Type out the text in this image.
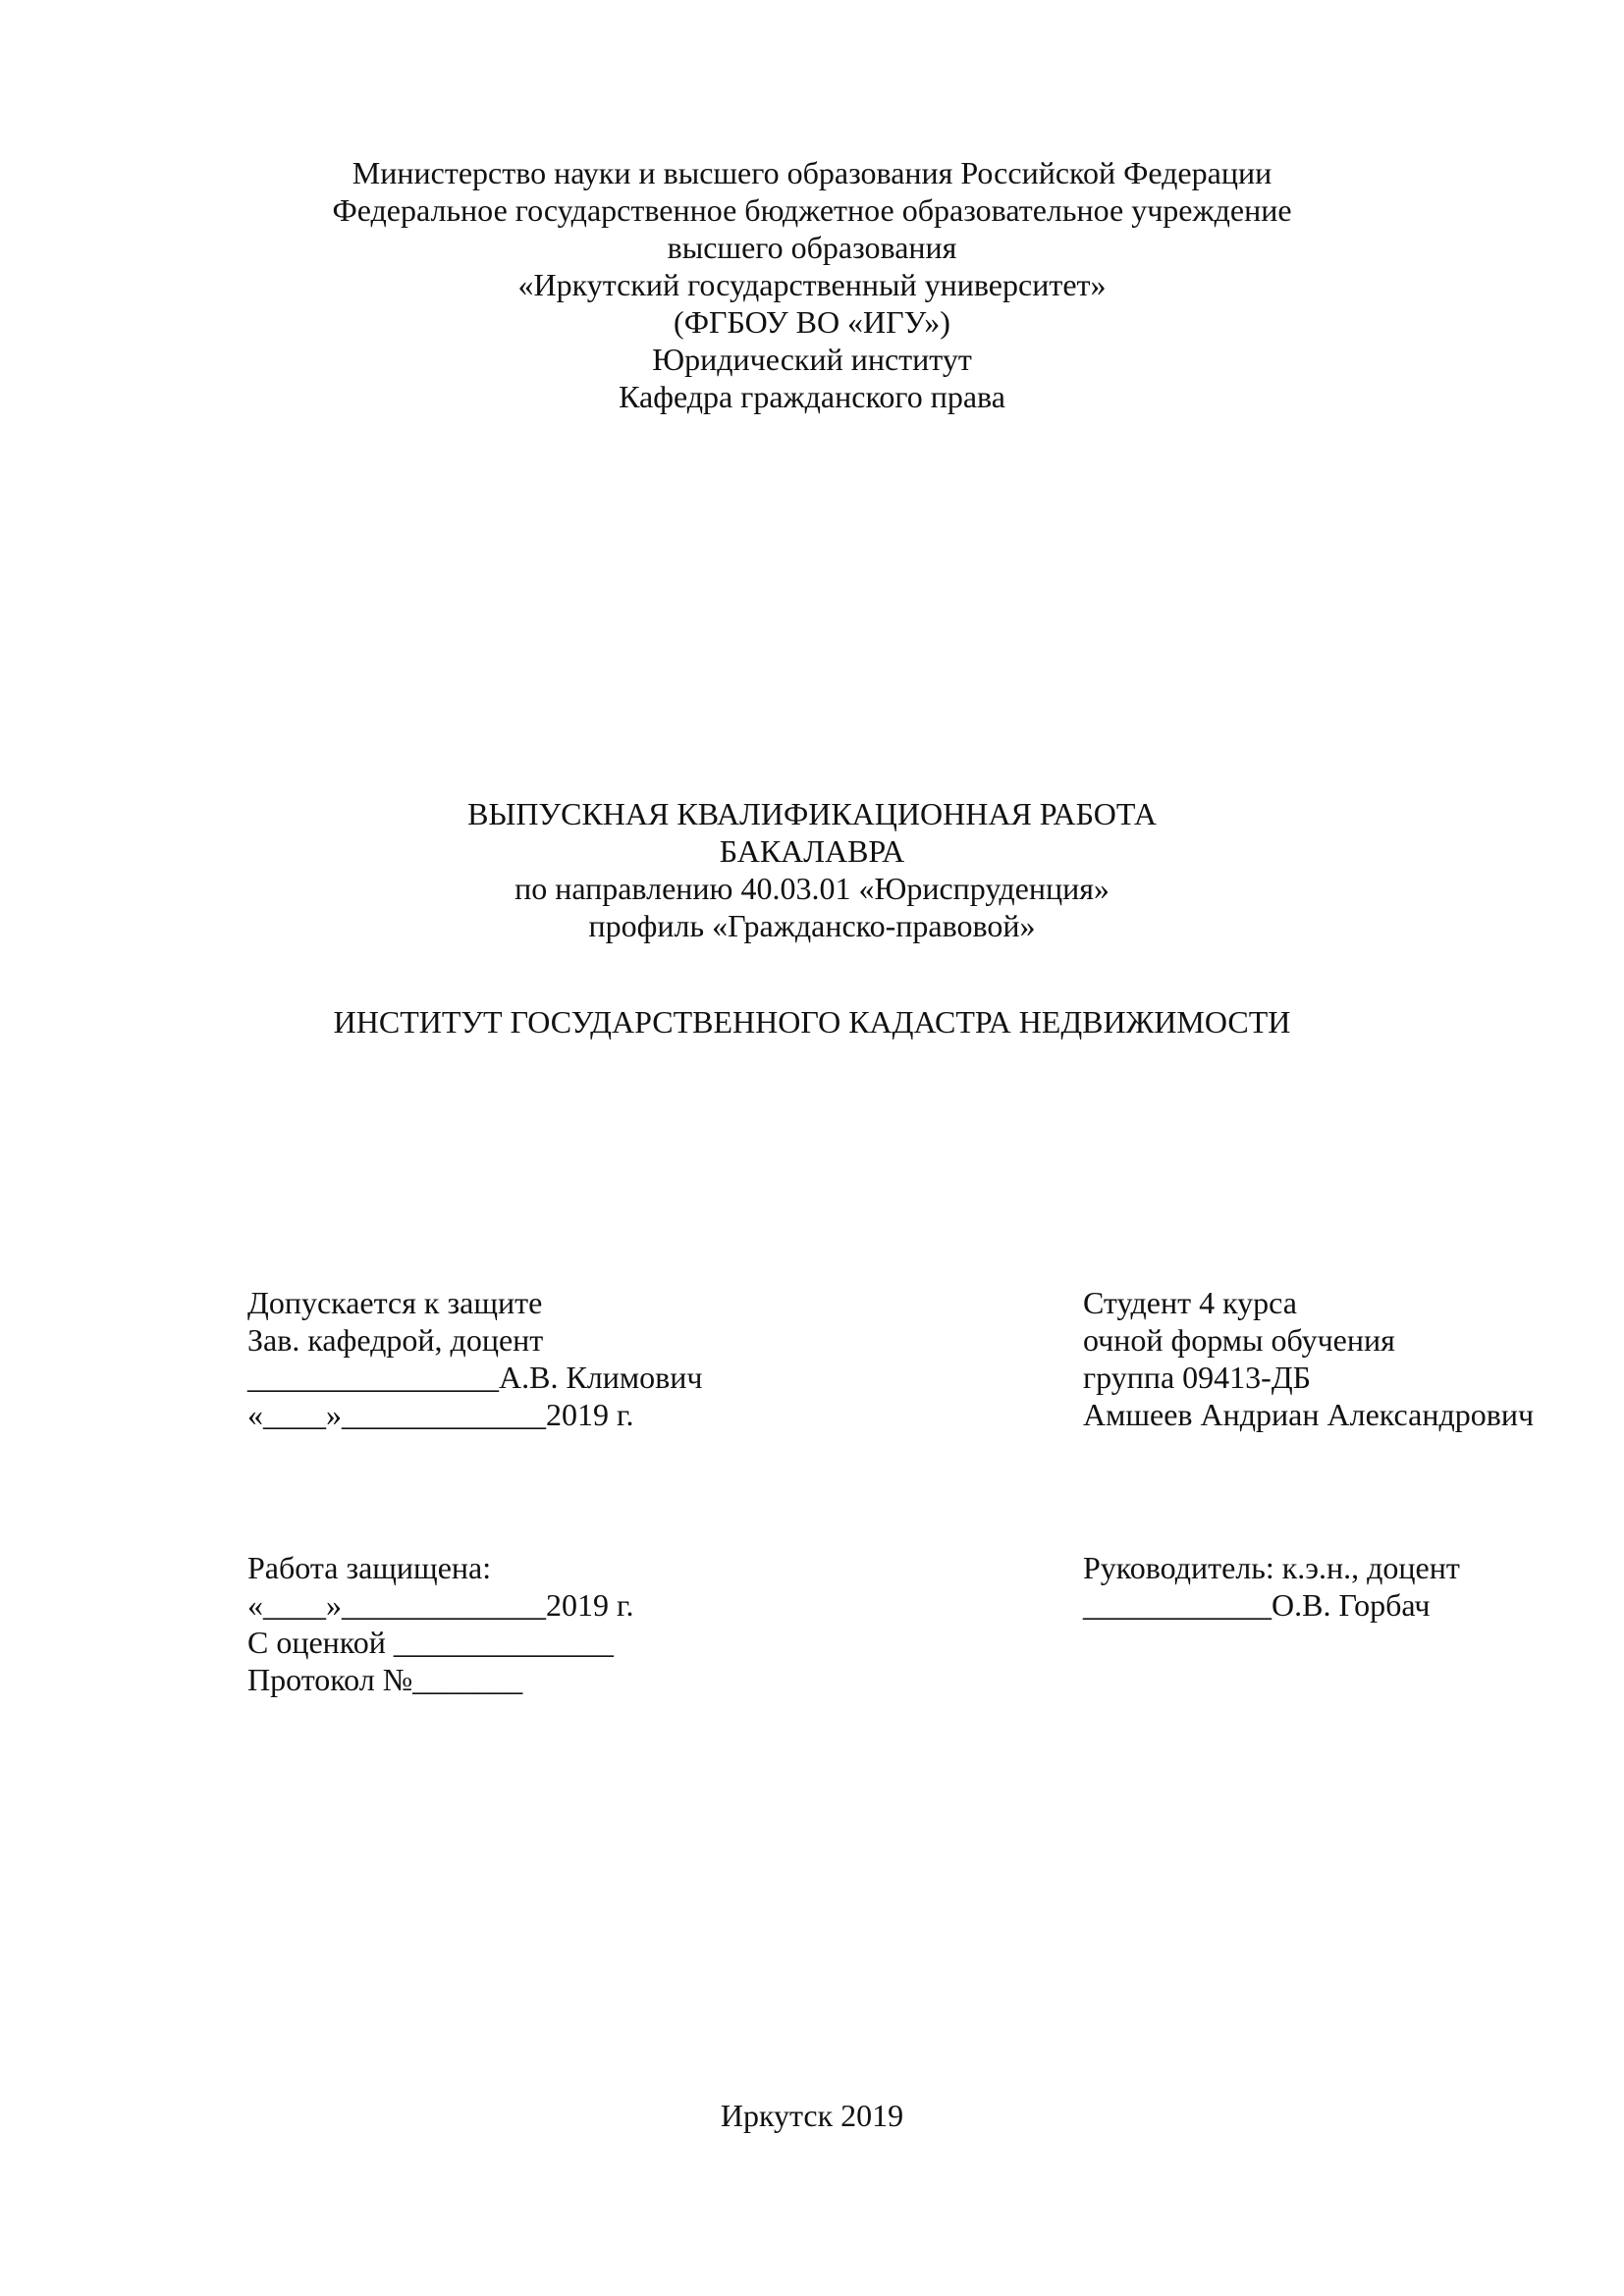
Министерство науки и высшего образования Российской Федерации
Федеральное государственное бюджетное образовательное учреждение
высшего образования
«Иркутский государственный университет»
(ФГБОУ ВО «ИГУ»)
Юридический институт
Кафедра гражданского права
ВЫПУСКНАЯ КВАЛИФИКАЦИОННАЯ РАБОТА
БАКАЛАВРА
по направлению 40.03.01 «Юриспруденция»
профиль «Гражданско-правовой»
ИНСТИТУТ ГОСУДАРСТВЕННОГО КАДАСТРА НЕДВИЖИМОСТИ
Допускается к защите
Зав. кафедрой, доцент
________________А.В. Климович
«____»_____________2019 г.
Студент 4 курса
очной формы обучения
группа 09413-ДБ
Амшеев Андриан Александрович
Работа защищена:
«____»_____________2019 г.
С оценкой ______________
Протокол №_______
Руководитель: к.э.н., доцент
____________О.В. Горбач
Иркутск 2019
